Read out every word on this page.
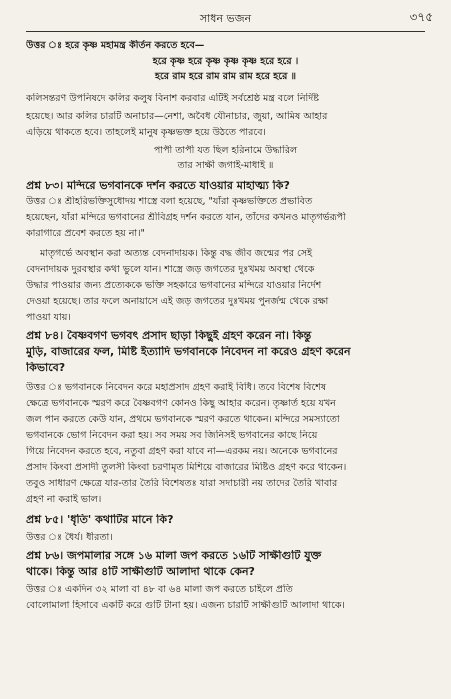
সাধন ভজন	৩৭৫
উত্তর ঃ হরে কৃষ্ণ মহামন্ত্র কীর্তন করতে হবে—
হরে কৃষ্ণ হরে কৃষ্ণ কৃষ্ণ কৃষ্ণ হরে হরে ।
হরে রাম হরে রাম রাম রাম হরে হরে ॥
কলিসন্তরণ উপনিষদে কলির কলুষ বিনাশ করবার এটিই সর্বশ্রেষ্ঠ মন্ত্র বলে নির্দিষ্ট
হয়েছে। আর কলির চারটি অনাচার—নেশা, অবৈধ যৌনাচার, জুয়া, আমিষ আহার
এড়িয়ে থাকতে হবে। তাহলেই মানুষ কৃষ্ণভক্ত হয়ে উঠতে পারবে।
পাপী তাপী যত ছিল হরিনামে উদ্ধারিল
তার সাক্ষী জগাই-মাধাই ॥
প্রশ্ন ৮৩। মন্দিরে ভগবানকে দর্শন করতে যাওয়ার মাহাত্ম্য কি?
উত্তর ঃ শ্রীহরিভক্তিসুধোদয় শাস্ত্রে বলা হয়েছে, "যাঁরা কৃষ্ণভক্তিতে প্রভাবিত
হয়েছেন, যাঁরা মন্দিরে ভগবানের শ্রীবিগ্রহ দর্শন করতে যান, তাঁদের কখনও মাতৃগর্ভরূপী
কারাগারে প্রবেশ করতে হয় না।"
মাতৃগর্ভে অবস্থান করা অত্যন্ত বেদনাদায়ক। কিন্তু বদ্ধ জীব জন্মের পর সেই
বেদনাদায়ক দুরবস্থার কথা ভুলে যান। শাস্ত্রে জড় জগতের দুঃখময় অবস্থা থেকে
উদ্ধার পাওয়ার জন্য প্রত্যেককে ভক্তি সহকারে ভগবানের মন্দিরে যাওয়ার নির্দেশ
দেওয়া হয়েছে। তার ফলে অনায়াসে এই জড় জগতের দুঃখময় পুনর্জন্ম থেকে রক্ষা
পাওয়া যায়।
প্রশ্ন ৮৪। বৈষ্ণবগণ ভগবৎ প্রসাদ ছাড়া কিছুই গ্রহণ করেন না। কিন্তু
মুড়ি, বাজারের ফল, মিষ্টি ইত্যাদি ভগবানকে নিবেদন না করেও গ্রহণ করেন
কিভাবে?
উত্তর ঃ ভগবানকে নিবেদন করে মহাপ্রসাদ গ্রহণ করাই বিধি। তবে বিশেষ বিশেষ
ক্ষেত্রে ভগবানকে স্মরণ করে বৈষ্ণবগণ কোনও কিছু আহার করেন। তৃষ্ণার্ত হয়ে যখন
জল পান করতে কেউ যান, প্রথমে ভগবানকে স্মরণ করতে থাকেন। মন্দিরে সমস্যাতো
ভগবানকে ভোগ নিবেদন করা হয়। সব সময় সব জিনিসই ভগবানের কাছে নিয়ে
গিয়ে নিবেদন করতে হবে, নতুবা গ্রহণ করা যাবে না—এরকম নয়। অনেকে ভগবানের
প্রসাদ কিংবা প্রসাদী তুলসী কিংবা চরণামৃত মিশিয়ে বাজারের মিষ্টিও গ্রহণ করে থাকেন।
তবুও সাধারণ ক্ষেত্রে যার-তার তৈরি বিশেষতঃ যারা সদাচারী নয় তাদের তৈরি খাবার
গ্রহণ না করাই ভাল।
প্রশ্ন ৮৫। 'ধৃতি' কথাটির মানে কি?
উত্তর ঃ ধৈর্য। ধীরতা।
প্রশ্ন ৮৬। জপমালার সঙ্গে ১৬ মালা জপ করতে ১৬টি সাক্ষীগুটি যুক্ত
থাকে। কিন্তু আর ৪টি সাক্ষীগুটি আলাদা থাকে কেন?
উত্তর ঃ একদিন ৩২ মালা বা ৪৮ বা ৬৪ মালা জপ করতে চাইলে প্রতি
বোলোমালা হিসাবে একটি করে গুটি টানা হয়। এজন্য চারটি সাক্ষীগুটি আলাদা থাকে।
